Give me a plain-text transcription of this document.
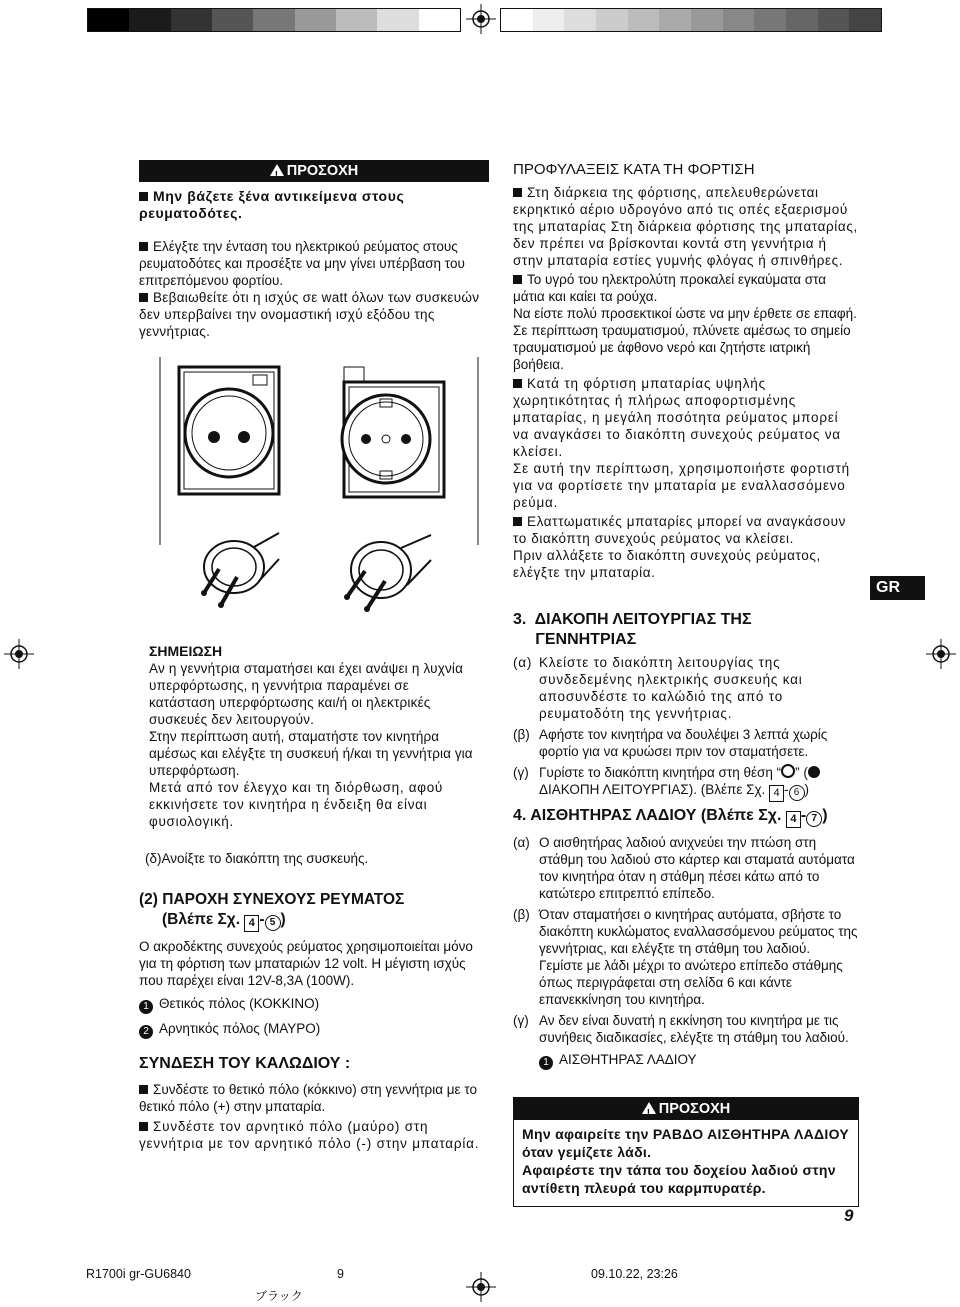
! ΠΡΟΣΟΧΗ
Μην βάζετε ξένα αντικείμενα στους ρευματοδότες.
Ελέγξτε την ένταση του ηλεκτρικού ρεύματος στους ρευματοδότες και προσέξτε να μην γίνει υπέρβαση του επιτρεπόμενου φορτίου.
Βεβαιωθείτε ότι η ισχύς σε watt όλων των συσκευών δεν υπερβαίνει την ονομαστική ισχύ εξόδου της γεννήτριας.
ΣΗΜΕΙΩΣΗ
Αν η γεννήτρια σταματήσει και έχει ανάψει η λυχνία υπερφόρτωσης, η γεννήτρια παραμένει σε κατάσταση υπερφόρτωσης και/ή οι ηλεκτρικές συσκευές δεν λειτουργούν.
Στην περίπτωση αυτή, σταματήστε τον κινητήρα αμέσως και ελέγξτε τη συσκευή ή/και τη γεννήτρια για υπερφόρτωση.
Μετά από τον έλεγχο και τη διόρθωση, αφού εκκινήσετε τον κινητήρα η ένδειξη θα είναι φυσιολογική.
(δ)Ανοίξτε το διακόπτη της συσκευής.
(2) ΠΑΡΟΧΗ ΣΥΝΕΧΟΥΣ ΡΕΥΜΑΤΟΣ
(Βλέπε Σχ. 4 - 5 )
Ο ακροδέκτης συνεχούς ρεύματος χρησιμοποιείται μόνο για τη φόρτιση των μπαταριών 12 volt. Η μέγιστη ισχύς που παρέχει είναι 12V-8,3A (100W).
1 Θετικός πόλος (ΚΟΚΚΙΝΟ)
2 Αρνητικός πόλος (ΜΑΥΡΟ)
ΣΥΝΔΕΣΗ ΤΟΥ ΚΑΛΩΔΙΟΥ :
Συνδέστε το θετικό πόλο (κόκκινο) στη γεννήτρια με το θετικό πόλο (+) στην μπαταρία.
Συνδέστε τον αρνητικό πόλο (μαύρο) στη γεννήτρια με τον αρνητικό πόλο (-) στην μπαταρία.
ΠΡΟΦΥΛΑΞΕΙΣ ΚΑΤΑ ΤΗ ΦΟΡΤΙΣΗ
Στη διάρκεια της φόρτισης, απελευθερώνεται εκρηκτικό αέριο υδρογόνο από τις οπές εξαερισμού της μπαταρίας Στη διάρκεια φόρτισης της μπαταρίας, δεν πρέπει να βρίσκονται κοντά στη γεννήτρια ή στην μπαταρία εστίες γυμνής φλόγας ή σπινθήρες.
Το υγρό του ηλεκτρολύτη προκαλεί εγκαύματα στα μάτια και καίει τα ρούχα.
Να είστε πολύ προσεκτικοί ώστε να μην έρθετε σε επαφή. Σε περίπτωση τραυματισμού, πλύνετε αμέσως το σημείο τραυματισμού με άφθονο νερό και ζητήστε ιατρική βοήθεια.
Κατά τη φόρτιση μπαταρίας υψηλής χωρητικότητας ή πλήρως αποφορτισμένης μπαταρίας, η μεγάλη ποσότητα ρεύματος μπορεί να αναγκάσει το διακόπτη συνεχούς ρεύματος να κλείσει.
Σε αυτή την περίπτωση, χρησιμοποιήστε φορτιστή για να φορτίσετε την μπαταρία με εναλλασσόμενο ρεύμα.
Ελαττωματικές μπαταρίες μπορεί να αναγκάσουν το διακόπτη συνεχούς ρεύματος να κλείσει.
Πριν αλλάξετε το διακόπτη συνεχούς ρεύματος, ελέγξτε την μπαταρία.
GR
3.  ΔΙΑΚΟΠΗ ΛΕΙΤΟΥΡΓΙΑΣ ΤΗΣ
ΓΕΝΝΗΤΡΙΑΣ
(α) Κλείστε το διακόπτη λειτουργίας της συνδεδεμένης ηλεκτρικής συσκευής και αποσυνδέστε το καλώδιό της από το ρευματοδότη της γεννήτριας.
(β) Αφήστε τον κινητήρα να δουλέψει 3 λεπτά χωρίς φορτίο για να κρυώσει πριν τον σταματήσετε.
(γ) Γυρίστε το διακόπτη κινητήρα στη θέση “ ” (
ΔΙΑΚΟΠΗ ΛΕΙΤΟΥΡΓΙΑΣ). (Βλέπε Σχ. 4 - 6 )
4. ΑΙΣΘΗΤΗΡΑΣ ΛΑΔΙΟΥ (Βλέπε Σχ. 4 - 7 )
(α) Ο αισθητήρας λαδιού ανιχνεύει την πτώση στη στάθμη του λαδιού στο κάρτερ και σταματά αυτόματα τον κινητήρα όταν η στάθμη πέσει κάτω από το κατώτερο επιτρεπτό επίπεδο.
(β) Όταν σταματήσει ο κινητήρας αυτόματα, σβήστε το διακόπτη κυκλώματος εναλλασσόμενου ρεύματος της γεννήτριας, και ελέγξτε τη στάθμη του λαδιού.
Γεμίστε με λάδι μέχρι το ανώτερο επίπεδο στάθμης όπως περιγράφεται στη σελίδα 6 και κάντε επανεκκίνηση του κινητήρα.
(γ) Αν δεν είναι δυνατή η εκκίνηση του κινητήρα με τις συνήθεις διαδικασίες, ελέγξτε τη στάθμη του λαδιού.
1 ΑΙΣΘΗΤΗΡΑΣ ΛΑΔΙΟΥ
! ΠΡΟΣΟΧΗ
Μην αφαιρείτε την ΡΑΒΔΟ ΑΙΣΘΗΤΗΡΑ ΛΑΔΙΟΥ όταν γεμίζετε λάδι.
Αφαιρέστε την τάπα του δοχείου λαδιού στην αντίθετη πλευρά του καρμπυρατέρ.
9
R1700i gr-GU6840	9	09.10.22, 23:26
ブラック
